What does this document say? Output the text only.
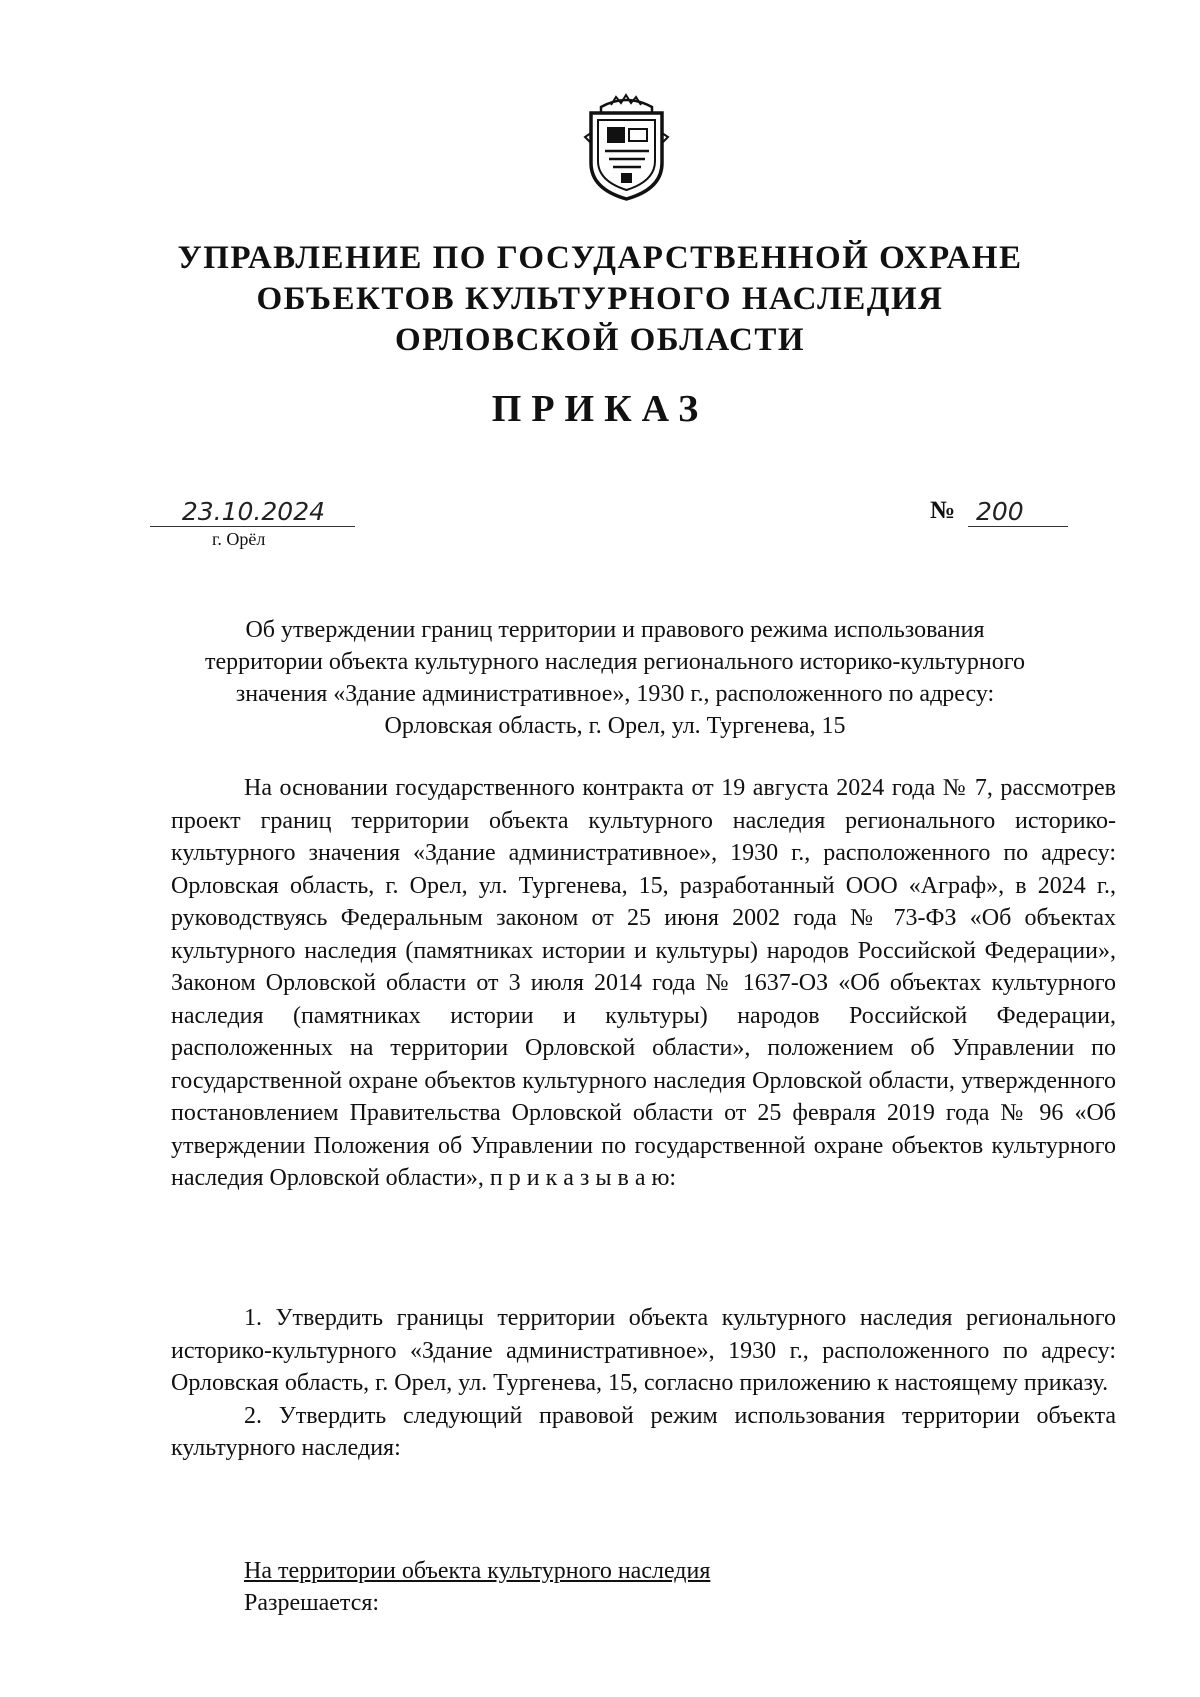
УПРАВЛЕНИЕ ПО ГОСУДАРСТВЕННОЙ ОХРАНЕ
ОБЪЕКТОВ КУЛЬТУРНОГО НАСЛЕДИЯ
ОРЛОВСКОЙ ОБЛАСТИ
ПРИКАЗ
23.10.2024
г. Орёл
№ 200
Об утверждении границ территории и правового режима использования
территории объекта культурного наследия регионального историко-культурного
значения «Здание административное», 1930 г., расположенного по адресу:
Орловская область, г. Орел, ул. Тургенева, 15

На основании государственного контракта от 19 августа 2024 года № 7, рассмотрев проект границ территории объекта культурного наследия регионального историко-культурного значения «Здание административное», 1930 г., расположенного по адресу: Орловская область, г. Орел, ул. Тургенева, 15, разработанный ООО «Аграф», в 2024 г., руководствуясь Федеральным законом от 25 июня 2002 года № 73-ФЗ «Об объектах культурного наследия (памятниках истории и культуры) народов Российской Федерации», Законом Орловской области от 3 июля 2014 года № 1637-ОЗ «Об объектах культурного наследия (памятниках истории и культуры) народов Российской Федерации, расположенных на территории Орловской области», положением об Управлении по государственной охране объектов культурного наследия Орловской области, утвержденного постановлением Правительства Орловской области от 25 февраля 2019 года № 96 «Об утверждении Положения об Управлении по государственной охране объектов культурного наследия Орловской области», п р и к а з ы в а ю:

1. Утвердить границы территории объекта культурного наследия регионального историко-культурного «Здание административное», 1930 г., расположенного по адресу: Орловская область, г. Орел, ул. Тургенева, 15, согласно приложению к настоящему приказу.

2. Утвердить следующий правовой режим использования территории объекта культурного наследия:

На территории объекта культурного наследия
Разрешается:
